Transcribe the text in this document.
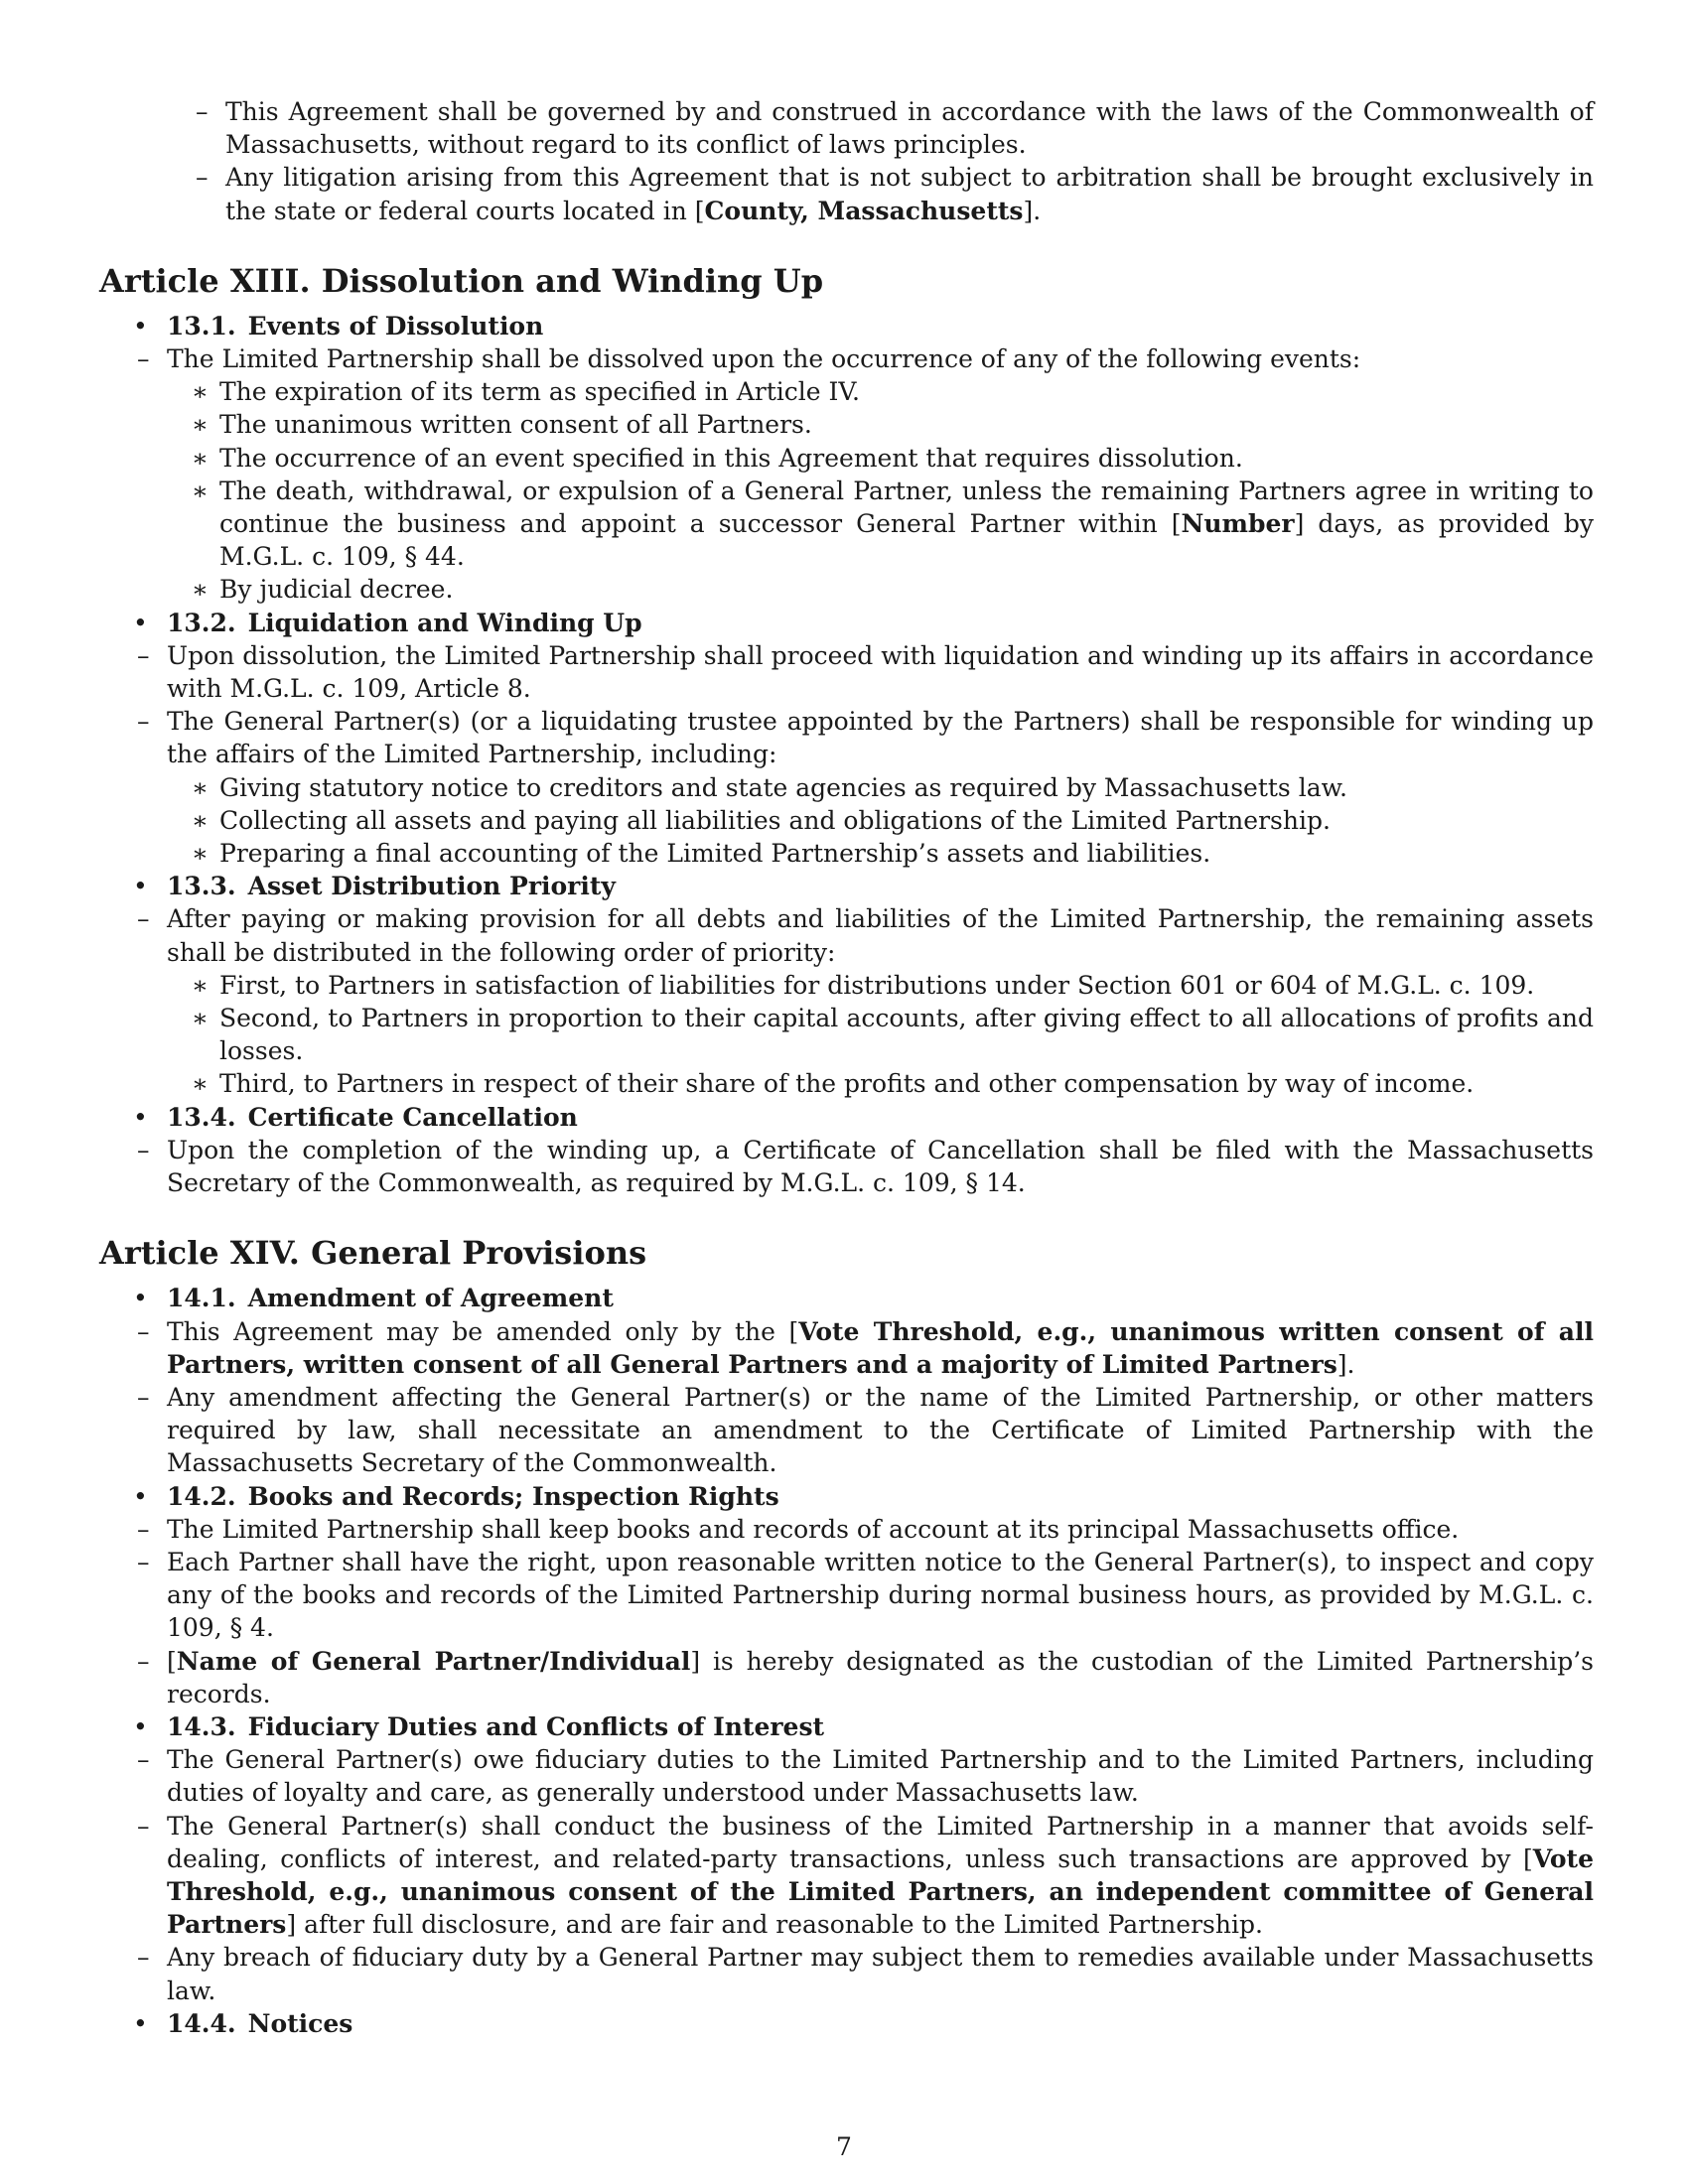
– This Agreement shall be governed by and construed in accordance with the laws of the Commonwealth of Massachusetts, without regard to its conflict of laws principles.
– Any litigation arising from this Agreement that is not subject to arbitration shall be brought exclusively in the state or federal courts located in [County, Massachusetts].
Article XIII. Dissolution and Winding Up
• 13.1. Events of Dissolution
– The Limited Partnership shall be dissolved upon the occurrence of any of the following events:
∗ The expiration of its term as specified in Article IV.
∗ The unanimous written consent of all Partners.
∗ The occurrence of an event specified in this Agreement that requires dissolution.
∗ The death, withdrawal, or expulsion of a General Partner, unless the remaining Partners agree in writing to continue the business and appoint a successor General Partner within [Number] days, as provided by M.G.L. c. 109, § 44.
∗ By judicial decree.
• 13.2. Liquidation and Winding Up
– Upon dissolution, the Limited Partnership shall proceed with liquidation and winding up its affairs in accordance with M.G.L. c. 109, Article 8.
– The General Partner(s) (or a liquidating trustee appointed by the Partners) shall be responsible for winding up the affairs of the Limited Partnership, including:
∗ Giving statutory notice to creditors and state agencies as required by Massachusetts law.
∗ Collecting all assets and paying all liabilities and obligations of the Limited Partnership.
∗ Preparing a final accounting of the Limited Partnership’s assets and liabilities.
• 13.3. Asset Distribution Priority
– After paying or making provision for all debts and liabilities of the Limited Partnership, the remaining assets shall be distributed in the following order of priority:
∗ First, to Partners in satisfaction of liabilities for distributions under Section 601 or 604 of M.G.L. c. 109.
∗ Second, to Partners in proportion to their capital accounts, after giving effect to all allocations of profits and losses.
∗ Third, to Partners in respect of their share of the profits and other compensation by way of income.
• 13.4. Certificate Cancellation
– Upon the completion of the winding up, a Certificate of Cancellation shall be filed with the Massachusetts Secretary of the Commonwealth, as required by M.G.L. c. 109, § 14.
Article XIV. General Provisions
• 14.1. Amendment of Agreement
– This Agreement may be amended only by the [Vote Threshold, e.g., unanimous written consent of all Partners, written consent of all General Partners and a majority of Limited Partners].
– Any amendment affecting the General Partner(s) or the name of the Limited Partnership, or other matters required by law, shall necessitate an amendment to the Certificate of Limited Partnership with the Massachusetts Secretary of the Commonwealth.
• 14.2. Books and Records; Inspection Rights
– The Limited Partnership shall keep books and records of account at its principal Massachusetts office.
– Each Partner shall have the right, upon reasonable written notice to the General Partner(s), to inspect and copy any of the books and records of the Limited Partnership during normal business hours, as provided by M.G.L. c. 109, § 4.
– [Name of General Partner/Individual] is hereby designated as the custodian of the Limited Partnership’s records.
• 14.3. Fiduciary Duties and Conflicts of Interest
– The General Partner(s) owe fiduciary duties to the Limited Partnership and to the Limited Partners, including duties of loyalty and care, as generally understood under Massachusetts law.
– The General Partner(s) shall conduct the business of the Limited Partnership in a manner that avoids self-dealing, conflicts of interest, and related-party transactions, unless such transactions are approved by [Vote Threshold, e.g., unanimous consent of the Limited Partners, an independent committee of General Partners] after full disclosure, and are fair and reasonable to the Limited Partnership.
– Any breach of fiduciary duty by a General Partner may subject them to remedies available under Massachusetts law.
• 14.4. Notices
7
